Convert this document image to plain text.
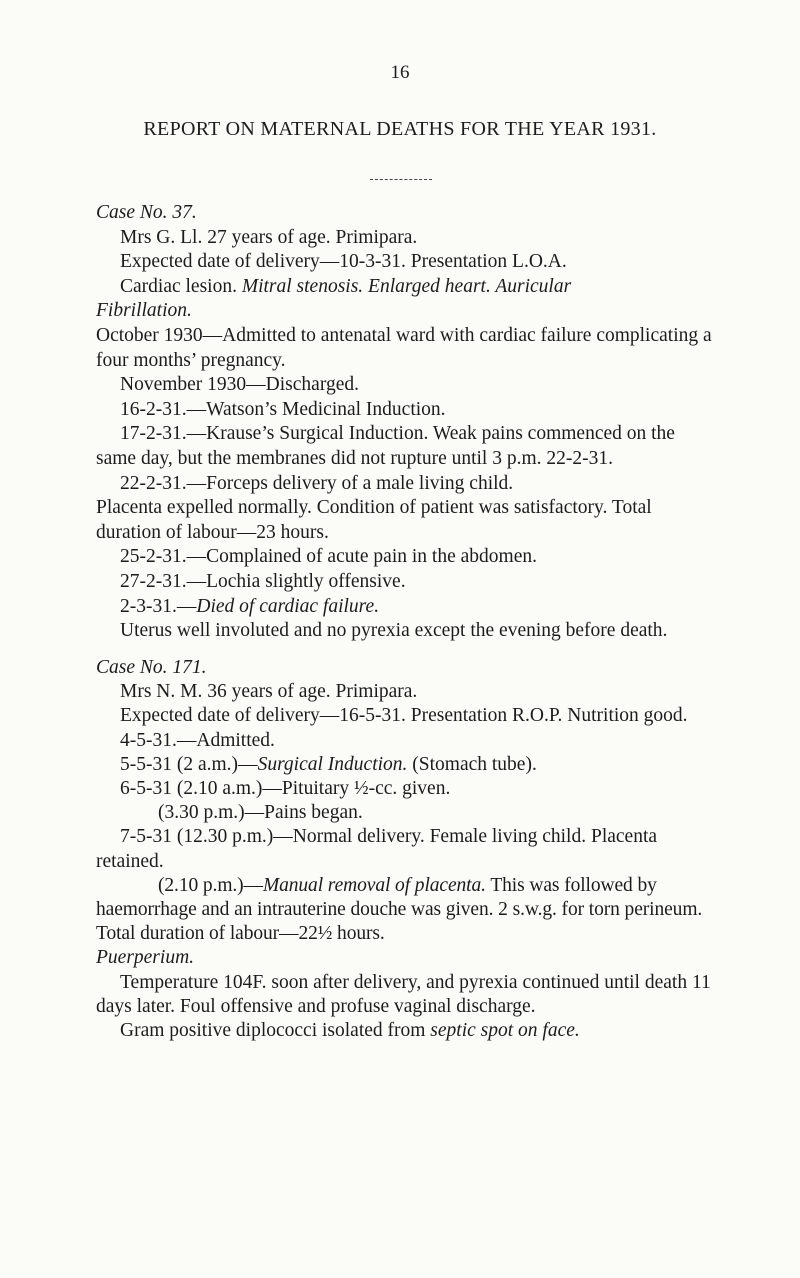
16
REPORT ON MATERNAL DEATHS FOR THE YEAR 1931.

Case No. 37.

Mrs G. Ll. 27 years of age. Primipara.

Expected date of delivery—10-3-31. Presentation L.O.A.

Cardiac lesion. Mitral stenosis. Enlarged heart. Auricular

Fibrillation.

October 1930—Admitted to antenatal ward with cardiac failure complicating a four months’ pregnancy.

November 1930—Discharged.

16-2-31.—Watson’s Medicinal Induction.

17-2-31.—Krause’s Surgical Induction. Weak pains commenced on the same day, but the membranes did not rupture until 3 p.m. 22-2-31.

22-2-31.—Forceps delivery of a male living child.

Placenta expelled normally. Condition of patient was satisfactory. Total duration of labour—23 hours.

25-2-31.—Complained of acute pain in the abdomen.

27-2-31.—Lochia slightly offensive.

2-3-31.—Died of cardiac failure.

Uterus well involuted and no pyrexia except the evening before death.

Case No. 171.

Mrs N. M. 36 years of age. Primipara.

Expected date of delivery—16-5-31. Presentation R.O.P. Nutrition good.

4-5-31.—Admitted.

5-5-31 (2 a.m.)—Surgical Induction. (Stomach tube).

6-5-31 (2.10 a.m.)—Pituitary ½-cc. given.

(3.30 p.m.)—Pains began.

7-5-31 (12.30 p.m.)—Normal delivery. Female living child. Placenta retained.

(2.10 p.m.)—Manual removal of placenta. This was followed by haemorrhage and an intrauterine douche was given. 2 s.w.g. for torn perineum. Total duration of labour—22½ hours.

Puerperium.

Temperature 104F. soon after delivery, and pyrexia continued until death 11 days later. Foul offensive and profuse vaginal discharge.

Gram positive diplococci isolated from septic spot on face.
